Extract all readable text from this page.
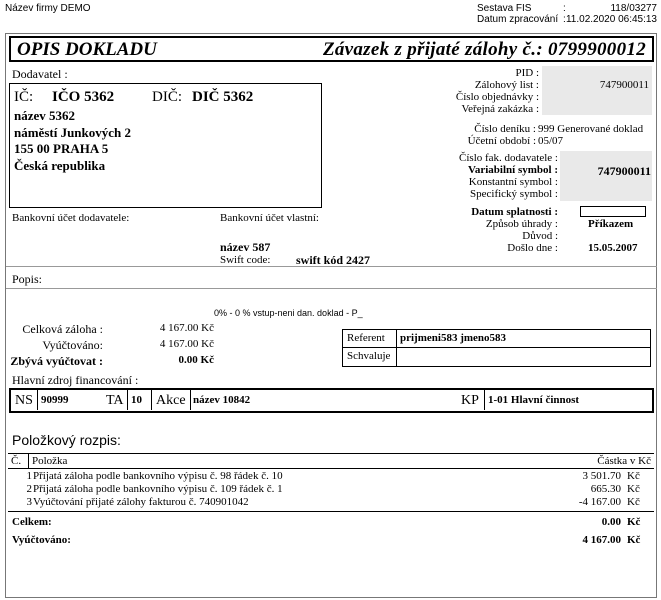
Název firmy DEMO	Sestava FIS	:	118/03277
Datum zpracování : 11.02.2020 06:45:13
OPIS DOKLADU	Závazek z přijaté zálohy č.: 0799900012
Dodavatel :
IČ: IČO 5362	DIČ: DIČ 5362
název 5362
náměstí Junkových 2
155 00 PRAHA 5
Česká republika
PID :
Zálohový list :	747900011
Číslo objednávky :
Veřejná zakázka :
Číslo deníku : 999 Generované doklad
Účetní období : 05/07
Číslo fak. dodavatele :
Variabilní symbol :	747900011
Konstantní symbol :
Specifický symbol :
Datum splatnosti :
Způsob úhrady :	Příkazem
Důvod :
Došlo dne :	15.05.2007
Bankovní účet dodavatele:	Bankovní účet vlastní:
název 587
Swift code: swift kód 2427
Popis:
0% - 0 % vstup-neni dan. doklad - P_
Celková záloha :	4 167.00 Kč
Vyúčtováno:	4 167.00 Kč
Zbývá vyúčtovat :	0.00 Kč
Referent prijmeni583 jmeno583
Schvaluje
Hlavní zdroj financování :
NS 90999	TA 10 Akce název 10842	KP 1-01 Hlavní činnost
Položkový rozpis:
Č. Položka	Částka v Kč
1 Přijatá záloha podle bankovního výpisu č. 98 řádek č. 10	3 501.70 Kč
2 Přijatá záloha podle bankovního výpisu č. 109 řádek č. 1	665.30 Kč
3 Vyúčtování přijaté zálohy fakturou č. 740901042	-4 167.00 Kč
Celkem:	0.00 Kč
Vyúčtováno:	4 167.00 Kč
